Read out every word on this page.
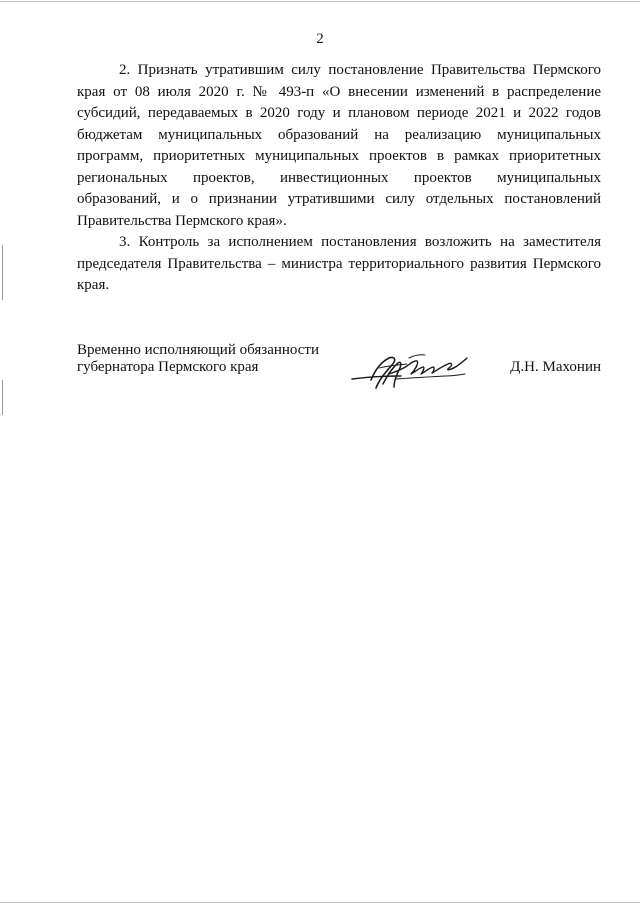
2

2. Признать утратившим силу постановление Правительства Пермского края от 08 июля 2020 г. № 493-п «О внесении изменений в распределение субсидий, передаваемых в 2020 году и плановом периоде 2021 и 2022 годов бюджетам муниципальных образований на реализацию муниципальных программ, приоритетных муниципальных проектов в рамках приоритетных региональных проектов, инвестиционных проектов муниципальных образований, и о признании утратившими силу отдельных постановлений Правительства Пермского края».

3. Контроль за исполнением постановления возложить на заместителя председателя Правительства – министра территориального развития Пермского края.

Временно исполняющий обязанности
губернатора Пермского края	Д.Н. Махонин
